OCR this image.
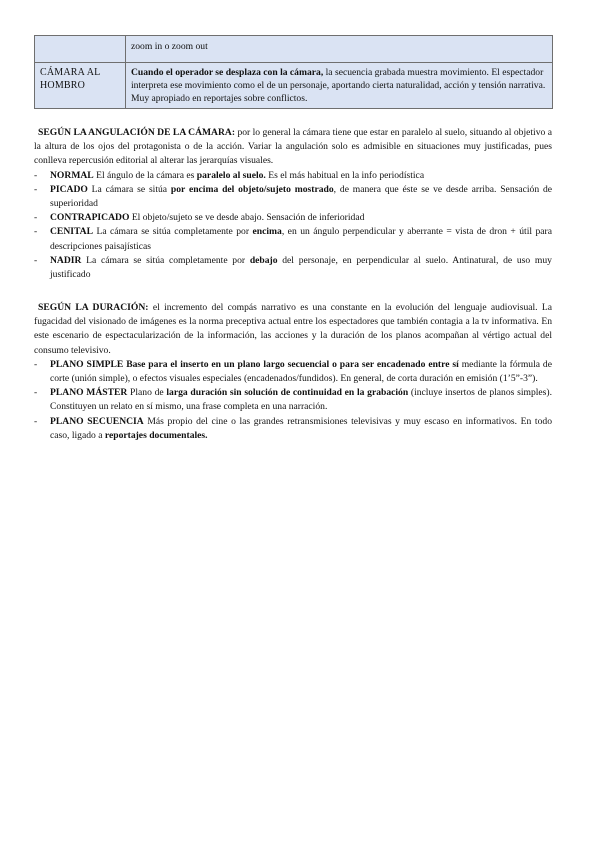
	zoom in o zoom out
CÁMARA AL HOMBRO	Cuando el operador se desplaza con la cámara, la secuencia grabada muestra movimiento. El espectador interpreta ese movimiento como el de un personaje, aportando cierta naturalidad, acción y tensión narrativa. Muy apropiado en reportajes sobre conflictos.

SEGÚN LA ANGULACIÓN DE LA CÁMARA: por lo general la cámara tiene que estar en paralelo al suelo, situando al objetivo a la altura de los ojos del protagonista o de la acción. Variar la angulación solo es admisible en situaciones muy justificadas, pues conlleva repercusión editorial al alterar las jerarquías visuales.

- NORMAL El ángulo de la cámara es paralelo al suelo. Es el más habitual en la info periodística
- PICADO La cámara se sitúa por encima del objeto/sujeto mostrado, de manera que éste se ve desde arriba. Sensación de superioridad
- CONTRAPICADO El objeto/sujeto se ve desde abajo. Sensación de inferioridad
- CENITAL La cámara se sitúa completamente por encima, en un ángulo perpendicular y aberrante = vista de dron + útil para descripciones paisajísticas
- NADIR La cámara se sitúa completamente por debajo del personaje, en perpendicular al suelo. Antinatural, de uso muy justificado

SEGÚN LA DURACIÓN: el incremento del compás narrativo es una constante en la evolución del lenguaje audiovisual. La fugacidad del visionado de imágenes es la norma preceptiva actual entre los espectadores que también contagia a la tv informativa. En este escenario de espectacularización de la información, las acciones y la duración de los planos acompañan al vértigo actual del consumo televisivo.

- PLANO SIMPLE Base para el inserto en un plano largo secuencial o para ser encadenado entre sí mediante la fórmula de corte (unión simple), o efectos visuales especiales (encadenados/fundidos). En general, de corta duración en emisión (1’5”-3”).
- PLANO MÁSTER Plano de larga duración sin solución de continuidad en la grabación (incluye insertos de planos simples). Constituyen un relato en sí mismo, una frase completa en una narración.
- PLANO SECUENCIA Más propio del cine o las grandes retransmisiones televisivas y muy escaso en informativos. En todo caso, ligado a reportajes documentales.
